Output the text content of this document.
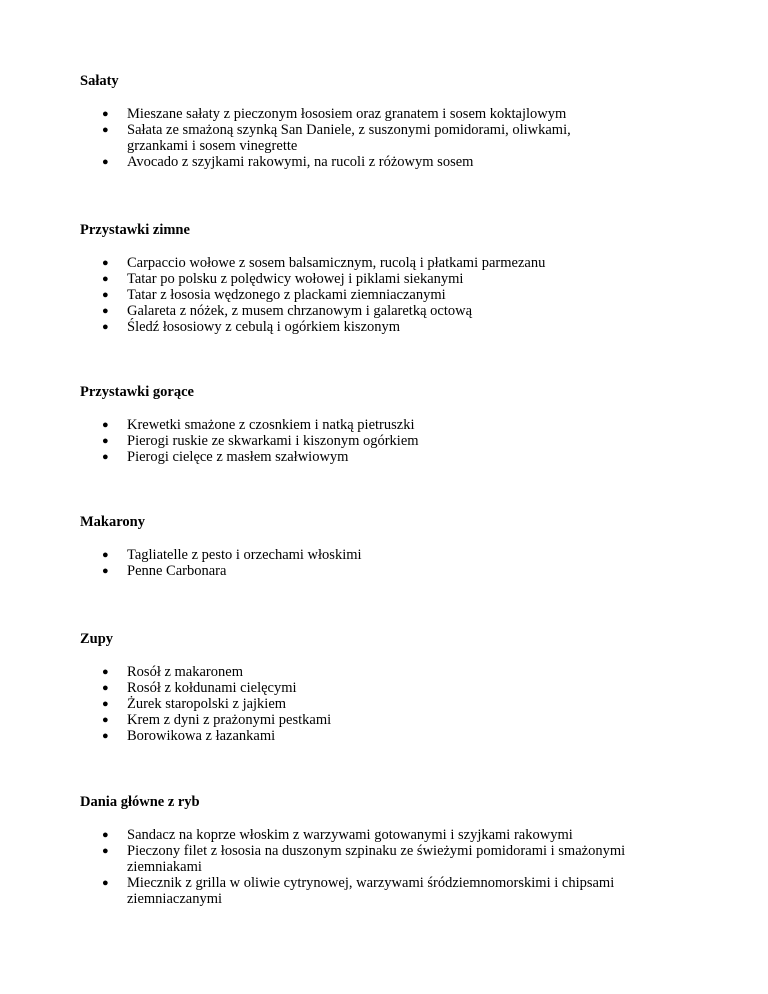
Sałaty

● Mieszane sałaty z pieczonym łososiem oraz granatem i sosem koktajlowym
● Sałata ze smażoną szynką San Daniele, z suszonymi pomidorami, oliwkami, grzankami i sosem vinegrette
● Avocado z szyjkami rakowymi, na rucoli z różowym sosem

Przystawki zimne

● Carpaccio wołowe z sosem balsamicznym, rucolą i płatkami parmezanu
● Tatar po polsku z polędwicy wołowej i piklami siekanymi
● Tatar z łososia wędzonego z plackami ziemniaczanymi
● Galareta z nóżek, z musem chrzanowym i galaretką octową
● Śledź łososiowy z cebulą i ogórkiem kiszonym

Przystawki gorące

● Krewetki smażone z czosnkiem i natką pietruszki
● Pierogi ruskie ze skwarkami i kiszonym ogórkiem
● Pierogi cielęce z masłem szałwiowym

Makarony

● Tagliatelle z pesto i orzechami włoskimi
● Penne Carbonara

Zupy

● Rosół z makaronem
● Rosół z kołdunami cielęcymi
● Żurek staropolski z jajkiem
● Krem z dyni z prażonymi pestkami
● Borowikowa z łazankami

Dania główne z ryb

● Sandacz na koprze włoskim z warzywami gotowanymi i szyjkami rakowymi
● Pieczony filet z łososia na duszonym szpinaku ze świeżymi pomidorami i smażonymi ziemniakami
● Miecznik z grilla w oliwie cytrynowej, warzywami śródziemnomorskimi i chipsami ziemniaczanymi
